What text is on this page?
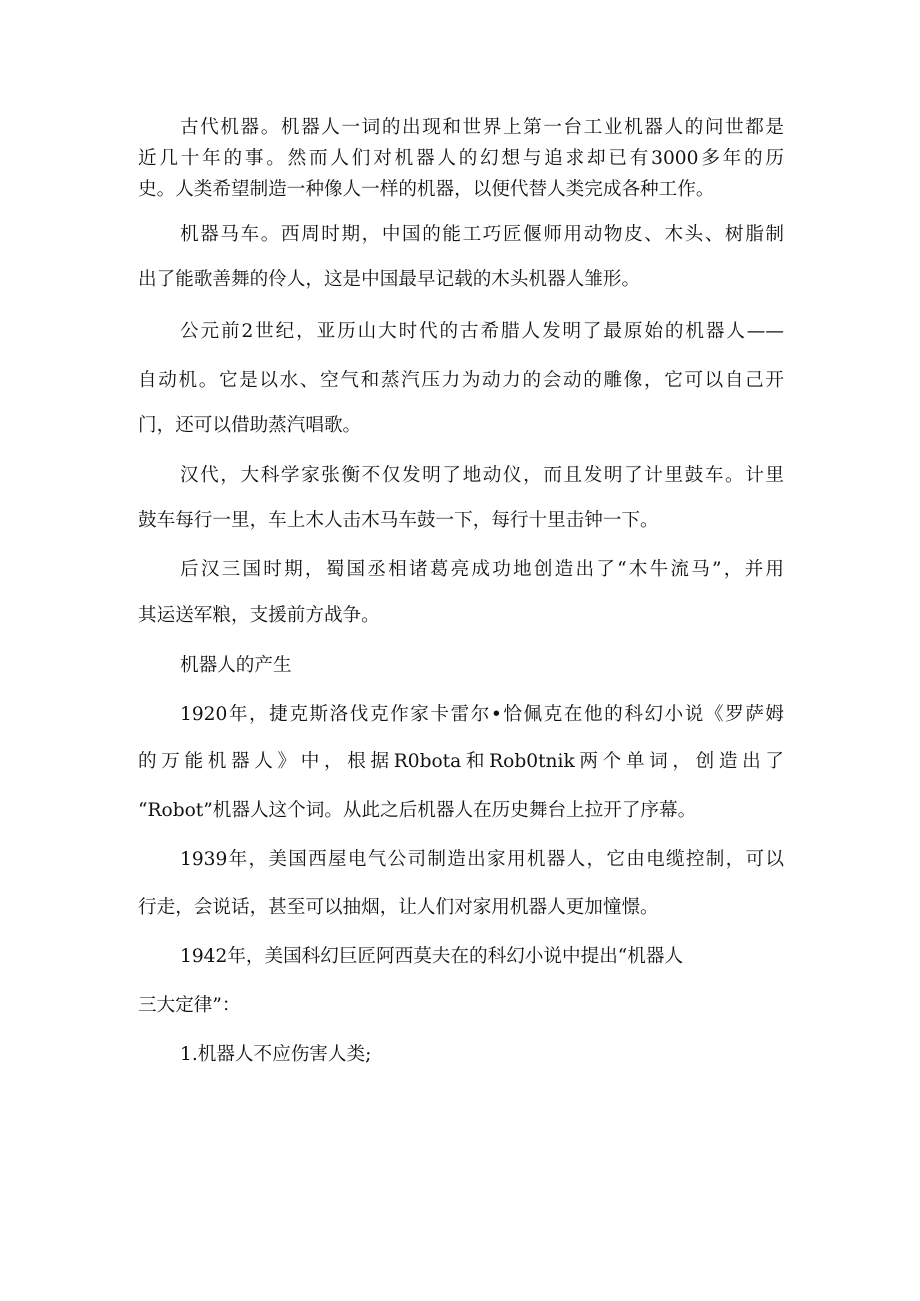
古代机器。机器人一词的出现和世界上第一台工业机器人的问世都是
近几十年的事。然而人们对机器人的幻想与追求却已有3000多年的历
史。人类希望制造一种像人一样的机器，以便代替人类完成各种工作。
机器马车。西周时期，中国的能工巧匠偃师用动物皮、木头、树脂制
出了能歌善舞的伶人，这是中国最早记载的木头机器人雏形。
公元前2世纪，亚历山大时代的古希腊人发明了最原始的机器人——
自动机。它是以水、空气和蒸汽压力为动力的会动的雕像，它可以自己开
门，还可以借助蒸汽唱歌。
汉代，大科学家张衡不仅发明了地动仪，而且发明了计里鼓车。计里
鼓车每行一里，车上木人击木马车鼓一下，每行十里击钟一下。
后汉三国时期，蜀国丞相诸葛亮成功地创造出了“木牛流马”，并用
其运送军粮，支援前方战争。
机器人的产生
1920年，捷克斯洛伐克作家卡雷尔•恰佩克在他的科幻小说《罗萨姆
的万能机器人》中，根据R0bota和Rob0tnik两个单词，创造出了
“Robot”机器人这个词。从此之后机器人在历史舞台上拉开了序幕。
1939年，美国西屋电气公司制造出家用机器人，它由电缆控制，可以
行走，会说话，甚至可以抽烟，让人们对家用机器人更加憧憬。
1942年，美国科幻巨匠阿西莫夫在的科幻小说中提出“机器人
三大定律”：
1.机器人不应伤害人类;
